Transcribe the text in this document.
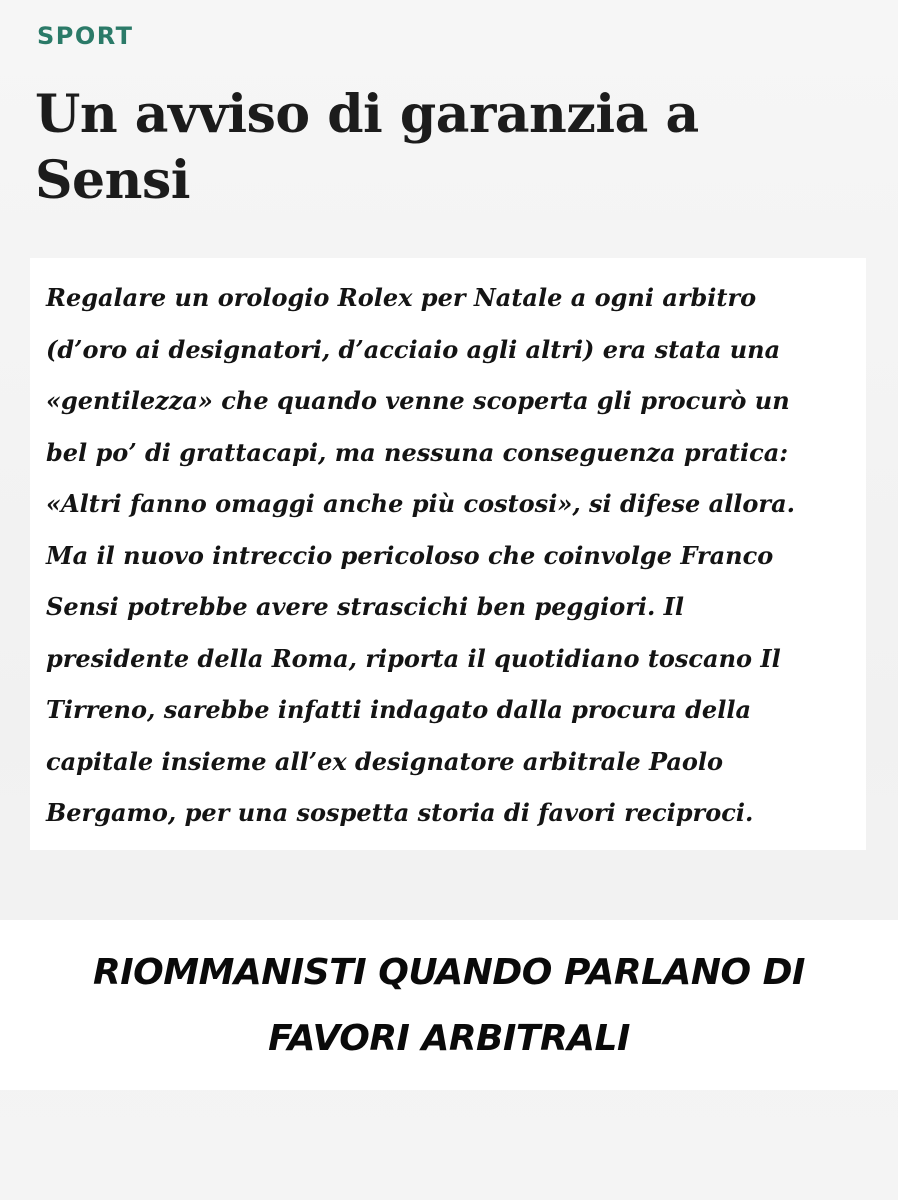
SPORT
Un avviso di garanzia a
Sensi
Regalare un orologio Rolex per Natale a ogni arbitro
(d’oro ai designatori, d’acciaio agli altri) era stata una
«gentilezza» che quando venne scoperta gli procurò un
bel po’ di grattacapi, ma nessuna conseguenza pratica:
«Altri fanno omaggi anche più costosi», si difese allora.
Ma il nuovo intreccio pericoloso che coinvolge Franco
Sensi potrebbe avere strascichi ben peggiori. Il
presidente della Roma, riporta il quotidiano toscano Il
Tirreno, sarebbe infatti indagato dalla procura della
capitale insieme all’ex designatore arbitrale Paolo
Bergamo, per una sospetta storia di favori reciproci.
RIOMMANISTI QUANDO PARLANO DI
FAVORI ARBITRALI
